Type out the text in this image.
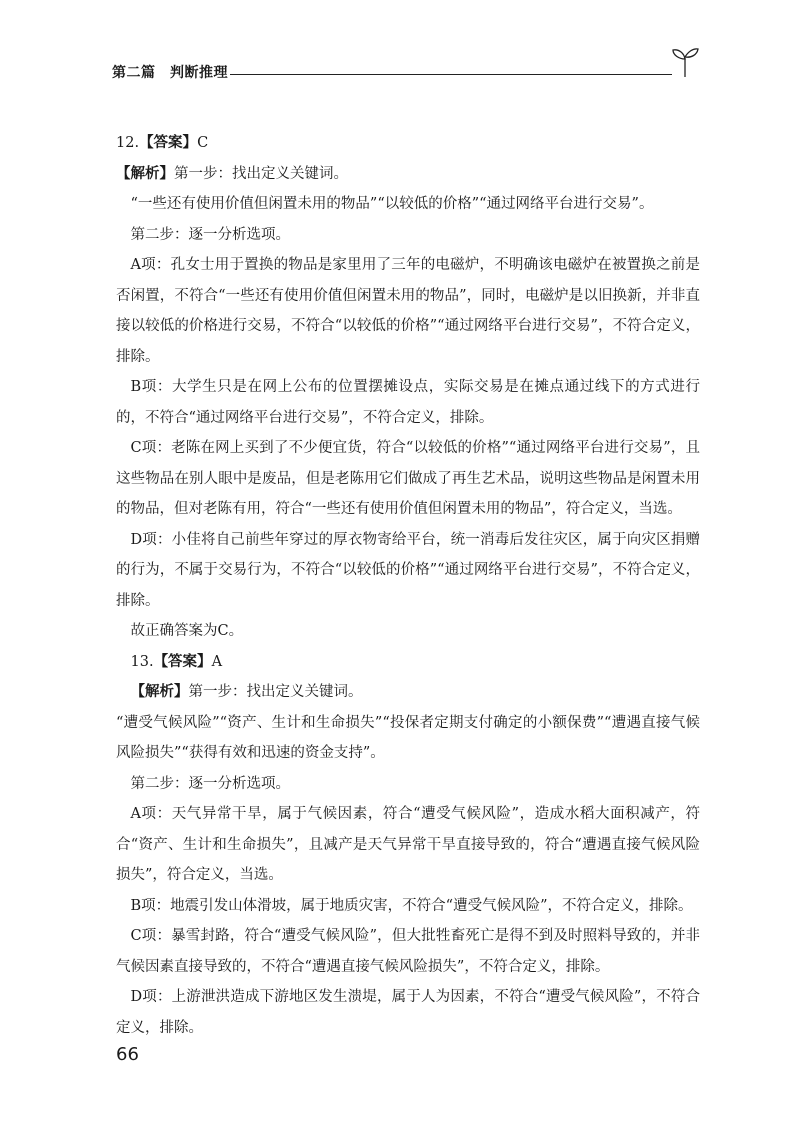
第二篇　判断推理

12.【答案】C

【解析】第一步：找出定义关键词。

“一些还有使用价值但闲置未用的物品”“以较低的价格”“通过网络平台进行交易”。

第二步：逐一分析选项。

A项：孔女士用于置换的物品是家里用了三年的电磁炉，不明确该电磁炉在被置换之前是否闲置，不符合“一些还有使用价值但闲置未用的物品”，同时，电磁炉是以旧换新，并非直接以较低的价格进行交易，不符合“以较低的价格”“通过网络平台进行交易”，不符合定义，排除。

B项：大学生只是在网上公布的位置摆摊设点，实际交易是在摊点通过线下的方式进行的，不符合“通过网络平台进行交易”，不符合定义，排除。

C项：老陈在网上买到了不少便宜货，符合“以较低的价格”“通过网络平台进行交易”，且这些物品在别人眼中是废品，但是老陈用它们做成了再生艺术品，说明这些物品是闲置未用的物品，但对老陈有用，符合“一些还有使用价值但闲置未用的物品”，符合定义，当选。

D项：小佳将自己前些年穿过的厚衣物寄给平台，统一消毒后发往灾区，属于向灾区捐赠的行为，不属于交易行为，不符合“以较低的价格”“通过网络平台进行交易”，不符合定义，排除。

故正确答案为C。

13.【答案】A

【解析】第一步：找出定义关键词。

“遭受气候风险”“资产、生计和生命损失”“投保者定期支付确定的小额保费”“遭遇直接气候风险损失”“获得有效和迅速的资金支持”。

第二步：逐一分析选项。

A项：天气异常干旱，属于气候因素，符合“遭受气候风险”，造成水稻大面积减产，符合“资产、生计和生命损失”，且减产是天气异常干旱直接导致的，符合“遭遇直接气候风险损失”，符合定义，当选。

B项：地震引发山体滑坡，属于地质灾害，不符合“遭受气候风险”，不符合定义，排除。

C项：暴雪封路，符合“遭受气候风险”，但大批牲畜死亡是得不到及时照料导致的，并非气候因素直接导致的，不符合“遭遇直接气候风险损失”，不符合定义，排除。

D项：上游泄洪造成下游地区发生溃堤，属于人为因素，不符合“遭受气候风险”，不符合定义，排除。

66
